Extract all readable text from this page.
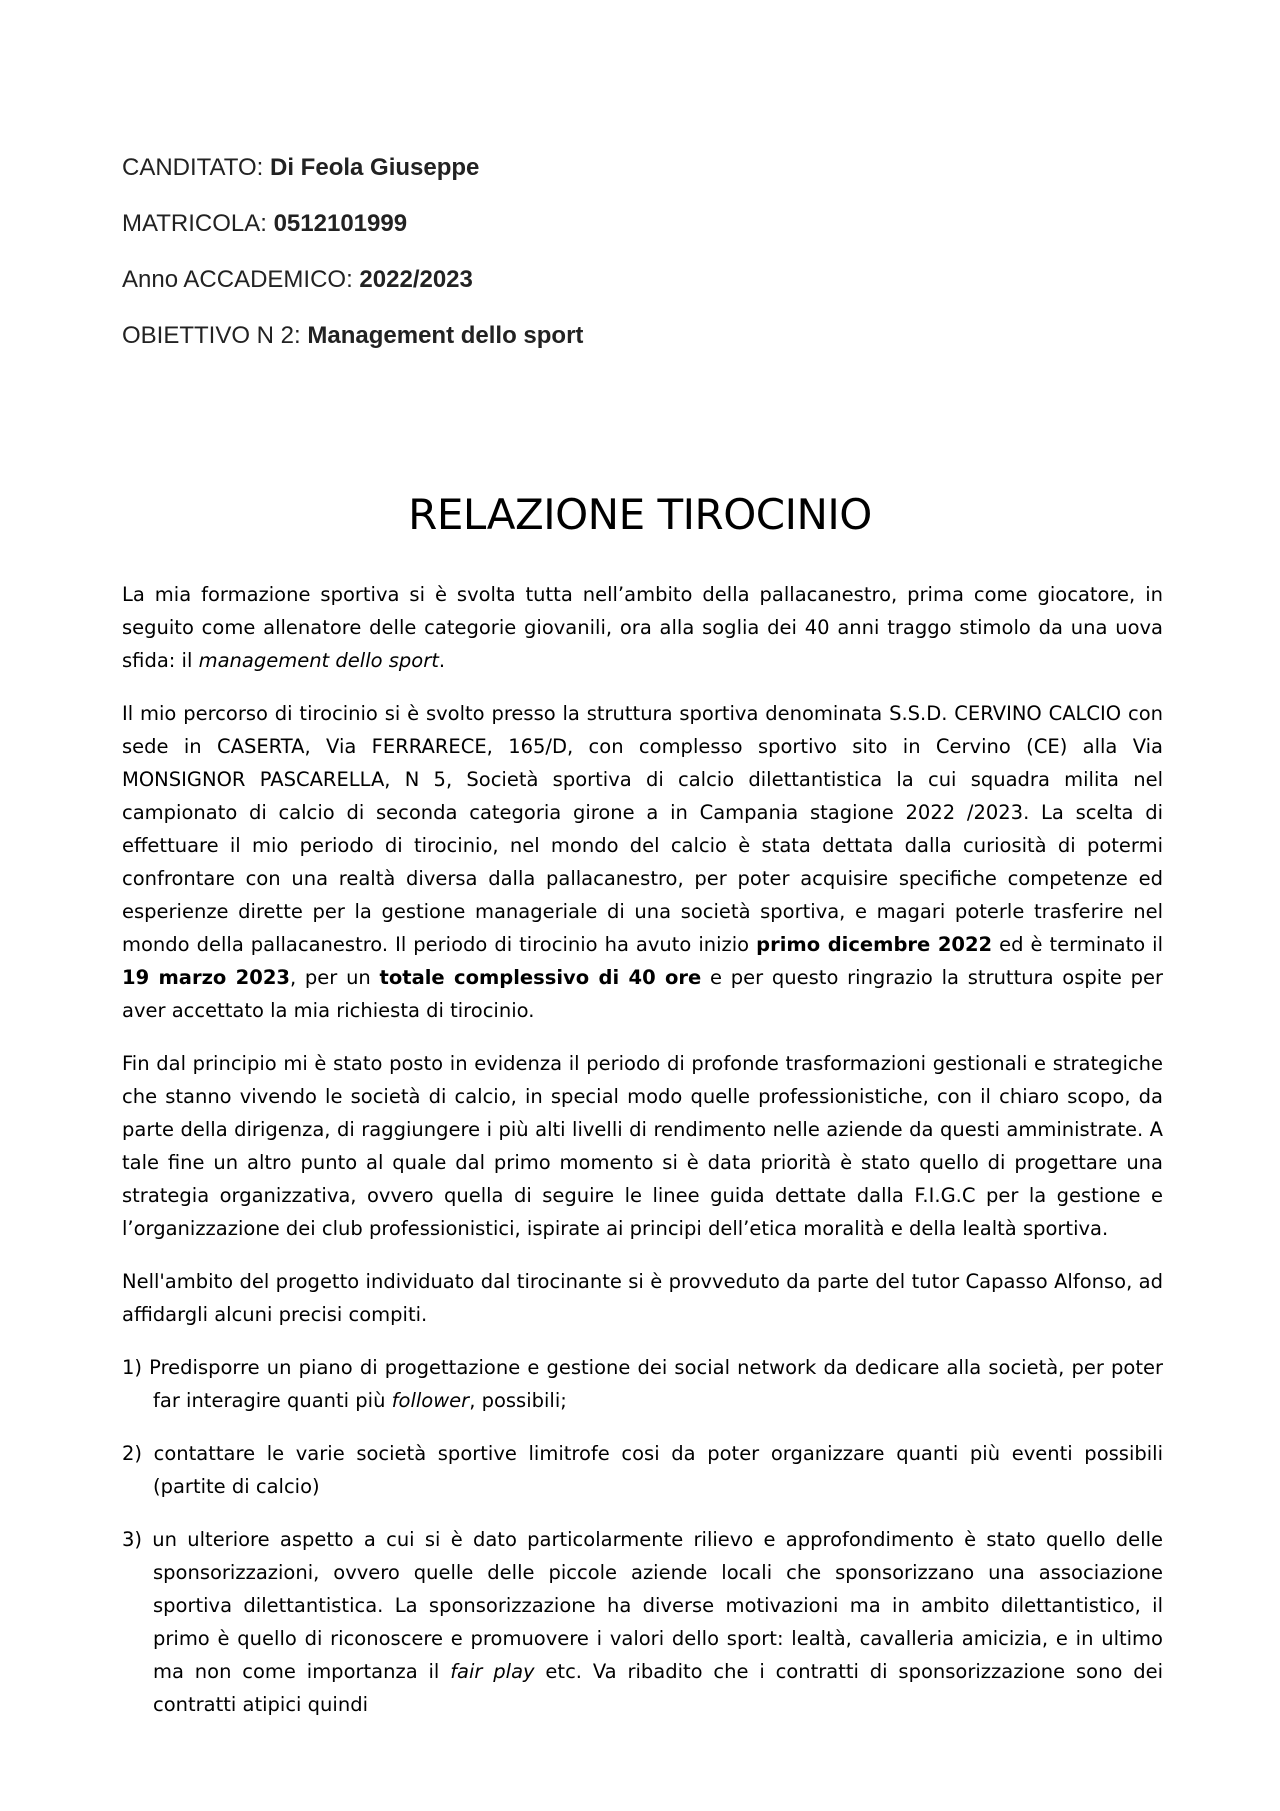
CANDITATO: Di Feola Giuseppe
MATRICOLA: 0512101999
Anno ACCADEMICO: 2022/2023
OBIETTIVO N 2: Management dello sport
RELAZIONE TIROCINIO

La mia formazione sportiva si è svolta tutta nell’ambito della pallacanestro, prima come giocatore, in seguito come allenatore delle categorie giovanili, ora alla soglia dei 40 anni traggo stimolo da una uova sfida: il management dello sport.

Il mio percorso di tirocinio si è svolto presso la struttura sportiva denominata S.S.D. CERVINO CALCIO con sede in CASERTA, Via FERRARECE, 165/D, con complesso sportivo sito in Cervino (CE) alla Via MONSIGNOR PASCARELLA, N 5, Società sportiva di calcio dilettantistica la cui squadra milita nel campionato di calcio di seconda categoria girone a in Campania stagione 2022 /2023. La scelta di effettuare il mio periodo di tirocinio, nel mondo del calcio è stata dettata dalla curiosità di potermi confrontare con una realtà diversa dalla pallacanestro, per poter acquisire specifiche competenze ed esperienze dirette per la gestione manageriale di una società sportiva, e magari poterle trasferire nel mondo della pallacanestro. Il periodo di tirocinio ha avuto inizio primo dicembre 2022 ed è terminato il 19 marzo 2023, per un totale complessivo di 40 ore e per questo ringrazio la struttura ospite per aver accettato la mia richiesta di tirocinio.

Fin dal principio mi è stato posto in evidenza il periodo di profonde trasformazioni gestionali e strategiche che stanno vivendo le società di calcio, in special modo quelle professionistiche, con il chiaro scopo, da parte della dirigenza, di raggiungere i più alti livelli di rendimento nelle aziende da questi amministrate. A tale fine un altro punto al quale dal primo momento si è data priorità è stato quello di progettare una strategia organizzativa, ovvero quella di seguire le linee guida dettate dalla F.I.G.C per la gestione e l’organizzazione dei club professionistici, ispirate ai principi dell’etica moralità e della lealtà sportiva.

Nell'ambito del progetto individuato dal tirocinante si è provveduto da parte del tutor Capasso Alfonso, ad affidargli alcuni precisi compiti.

1) Predisporre un piano di progettazione e gestione dei social network da dedicare alla società, per poter far interagire quanti più follower, possibili;
2) contattare le varie società sportive limitrofe cosi da poter organizzare quanti più eventi possibili (partite di calcio)
3) un ulteriore aspetto a cui si è dato particolarmente rilievo e approfondimento è stato quello delle sponsorizzazioni, ovvero quelle delle piccole aziende locali che sponsorizzano una associazione sportiva dilettantistica. La sponsorizzazione ha diverse motivazioni ma in ambito dilettantistico, il primo è quello di riconoscere e promuovere i valori dello sport: lealtà, cavalleria amicizia, e in ultimo ma non come importanza il fair play etc. Va ribadito che i contratti di sponsorizzazione sono dei contratti atipici quindi
